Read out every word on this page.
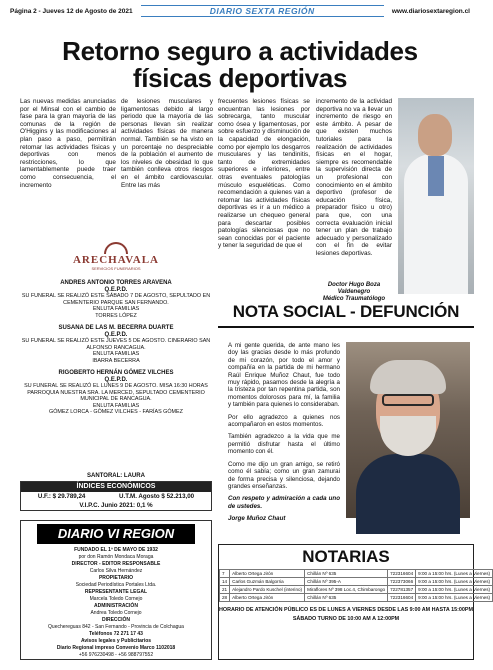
Página 2 - Jueves 12 de Agosto de 2021	DIARIO SEXTA REGIÓN	www.diariosextaregion.cl
Retorno seguro a actividades físicas deportivas
Las nuevas medidas anunciadas por el Minsal con el cambio de fase para la gran mayoría de las comunas de la región de O'Higgins y las modificaciones al plan paso a paso, permitirán retomar las actividades físicas y deportivas con menos restricciones, lo que lamentablemente puede traer como consecuencia, el incremento
de lesiones musculares y ligamentosas debido al largo periodo que la mayoría de las personas llevan sin realizar actividades físicas de manera normal. También se ha visto en un porcentaje no despreciable de la población el aumento de los niveles de obesidad lo que también conlleva otros riesgos en el ámbito cardiovascular. Entre las más
frecuentes lesiones físicas se encuentran las lesiones por sobrecarga, tanto muscular como ósea y ligamentosas, por sobre esfuerzo y disminución de la capacidad de elongación, como por ejemplo los desgarros musculares y las tendinitis, tanto de extremidades superiores e inferiores, entre otras eventuales patologías músculo esqueléticas. Como recomendación a quienes van a retomar las actividades físicas deportivas es ir a un médico a realizarse un chequeo general para descartar posibles patologías silenciosas que no sean conocidas por el paciente y tener la seguridad de que el
incremento de la actividad deportiva no va a llevar un incremento de riesgo en este ámbito. A pesar de que existen muchos tutoriales para la realización de actividades físicas en el hogar, siempre es recomendable la supervisión directa de un profesional con conocimiento en el ámbito deportivo (profesor de educación física, preparador físico u otro) para que, con una correcta evaluación inicial tener un plan de trabajo adecuado y personalizado con el fin de evitar lesiones deportivas.
Doctor Hugo Boza
Valdenegro
Médico Traumatólogo
ARECHAVALA
SERVICIOS FUNERARIOS
ANDRES ANTONIO TORRES ARAVENA
Q.E.P.D.
SU FUNERAL SE REALIZÓ ESTE SÁBADO 7 DE AGOSTO, SEPULTADO EN CEMENTERIO PARQUE SAN FERNANDO.
ENLUTA FAMILIAS
TORRES LÓPEZ
SUSANA DE LAS M. BECERRA DUARTE
Q.E.P.D.
SU FUNERAL SE REALIZÓ ESTE JUEVES 5 DE AGOSTO. CINERARIO SAN ALFONSO RANCAGUA.
ENLUTA FAMILIAS
IBARRA BECERRA
RIGOBERTO HERNÁN GÓMEZ VILCHES
Q.E.P.D.
SU FUNERAL SE REALIZÓ EL LUNES 9 DE AGOSTO. MISA 16:30 HORAS PARROQUIA NUESTRA SRA. LA MERCED, SEPULTADO CEMENTERIO MUNICIPAL DE RANCAGUA.
ENLUTA FAMILIAS
GÓMEZ LORCA - GÓMEZ VILCHES - FARÍAS GÓMEZ
SANTORAL: LAURA
ÍNDICES ECONÓMICOS
U.F.: $ 29.789,24	U.T.M. Agosto $ 52.213,00
V.I.P.C. Junio 2021: 0,1 %
DIARIO VI REGION

FUNDADO EL 1º DE MAYO DE 1932

por don Ramón Mondaca Moraga

DIRECTOR - EDITOR RESPONSABLE

Carlos Silva Hernández

PROPIETARIO

Sociedad Periodística Portales Ltda.

REPRESENTANTE LEGAL

Marcela Toledo Cornejo

ADMINISTRACIÓN

Andrea Toledo Cornejo

DIRECCIÓN

Quechereguas 842 - San Fernando - Provincia de Colchagua

Teléfonos 72 271 17 43

Avisos legales y Publicitarios

Diario Regional impreso Convenio Marco 1102018

+56 976230498 - +56 988797552

NOTA SOCIAL - DEFUNCIÓN

A mi gente querida, de ante mano les doy las gracias desde lo más profundo de mi corazón, por todo el amor y compañía en la partida de mi hermano Raúl Enrique Muñoz Chaut, fue todo muy rápido, pasamos desde la alegría a la tristeza por tan repentina partida, son momentos dolorosos para mí, la familia y también para quienes lo consideraban.

Por ello agradezco a quienes nos acompañaron en estos momentos.

También agradezco a la vida que me permitió disfrutar hasta el último momento con él.

Como me dijo un gran amigo, se retiró como él sabía; como un gran zamurai de forma precisa y silenciosa, dejando grandes enseñanzas.

Con respeto y admiración a cada uno de ustedes.

Jorge Muñoz Chaut

NOTARIAS
7	Alberto Ortega Jirón	Chillán Nº 635	722316604	9:00 a 15:00 hrs. (Lunes a Viernes)
14	Carlos Guzmán Balgorria	Chillán Nº 395-A	722373066	9:00 a 15:00 hrs. (Lunes a Viernes)
21	Alejandro Pardo Kuschel (interino)	Miraflores Nº 398 Loc.4, Chimbarongo	722781357	9:00 a 15:00 hrs. (Lunes a Viernes)
28	Alberto Ortega Jirón	Chillán Nº 635	722316604	9:00 a 15:00 hrs. (Lunes a Viernes)
HORARIO DE ATENCIÓN PÚBLICO ES DE LUNES A VIERNES DESDE LAS 9:00 AM HASTA 15:00PM
SÁBADO TURNO DE 10:00 AM A 12:00PM
